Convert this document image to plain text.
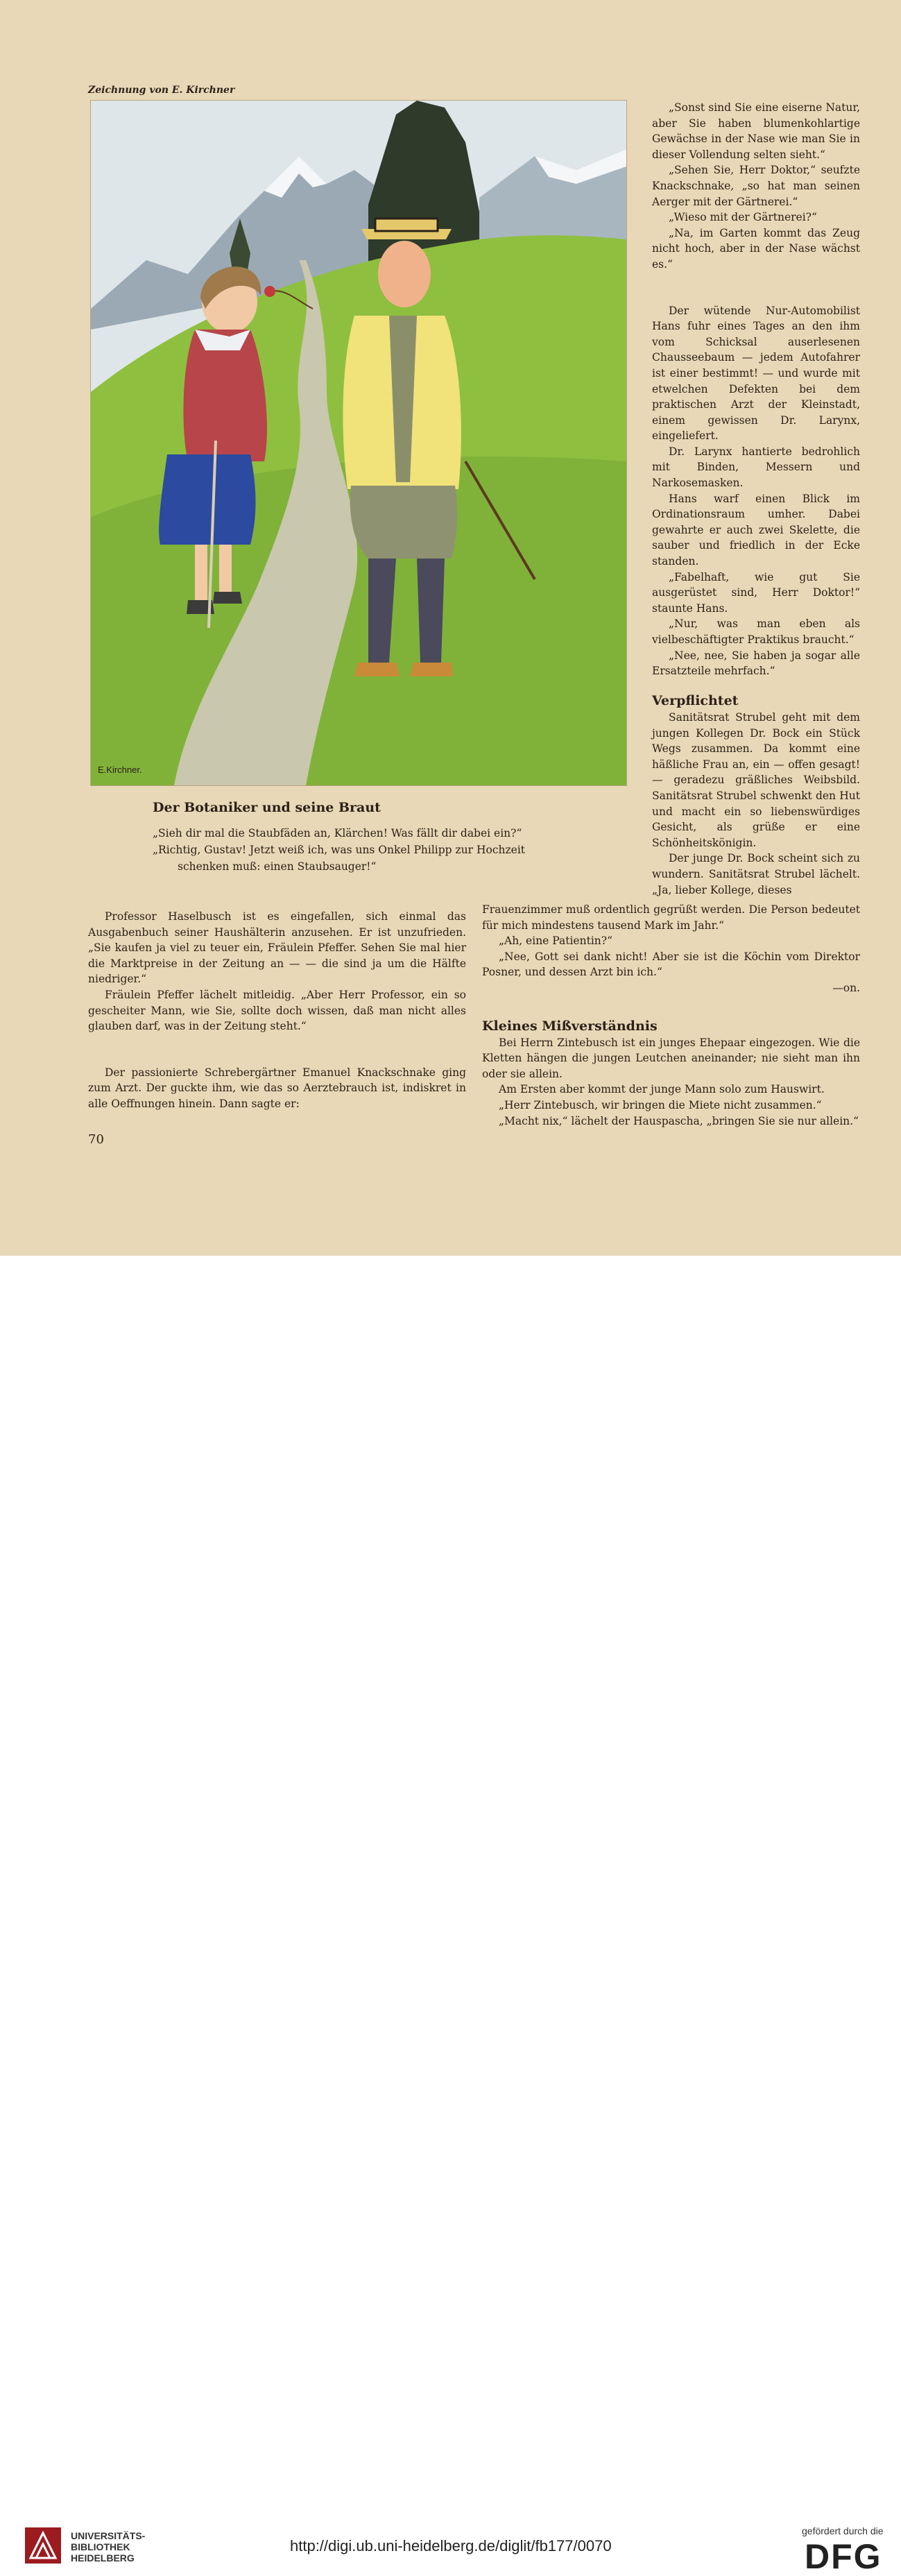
Zeichnung von E. Kirchner
E.Kirchner.

„Sonst sind Sie eine eiserne Natur, aber Sie haben blumenkohlartige Gewächse in der Nase wie man Sie in dieser Vollendung selten sieht.“

„Sehen Sie, Herr Doktor,“ seufzte Knackschnake, „so hat man seinen Aerger mit der Gärtnerei.“

„Wieso mit der Gärtnerei?“

„Na, im Garten kommt das Zeug nicht hoch, aber in der Nase wächst es.“

Der wütende Nur-Automobilist Hans fuhr eines Tages an den ihm vom Schicksal auserlesenen Chausseebaum — jedem Autofahrer ist einer bestimmt! — und wurde mit etwelchen Defekten bei dem praktischen Arzt der Kleinstadt, einem gewissen Dr. Larynx, eingeliefert.

Dr. Larynx hantierte bedrohlich mit Binden, Messern und Narkosemasken.

Hans warf einen Blick im Ordinationsraum umher. Dabei gewahrte er auch zwei Skelette, die sauber und friedlich in der Ecke standen.

„Fabelhaft, wie gut Sie ausgerüstet sind, Herr Doktor!“ staunte Hans.

„Nur, was man eben als vielbeschäftigter Praktikus braucht.“

„Nee, nee, Sie haben ja sogar alle Ersatzteile mehrfach.“

Verpflichtet

Sanitätsrat Strubel geht mit dem jungen Kollegen Dr. Bock ein Stück Wegs zusammen. Da kommt eine häßliche Frau an, ein — offen gesagt! — geradezu gräßliches Weibsbild. Sanitätsrat Strubel schwenkt den Hut und macht ein so liebenswürdiges Gesicht, als grüße er eine Schönheitskönigin.

Der junge Dr. Bock scheint sich zu wundern. Sanitätsrat Strubel lächelt. „Ja, lieber Kollege, dieses

Der Botaniker und seine Braut

„Sieh dir mal die Staubfäden an, Klärchen! Was fällt dir dabei ein?“

„Richtig, Gustav! Jetzt weiß ich, was uns Onkel Philipp zur Hochzeit

schenken muß: einen Staubsauger!“

Professor Haselbusch ist es eingefallen, sich einmal das Ausgabenbuch seiner Haushälterin anzusehen. Er ist unzufrieden. „Sie kaufen ja viel zu teuer ein, Fräulein Pfeffer. Sehen Sie mal hier die Marktpreise in der Zeitung an — — die sind ja um die Hälfte niedriger.“

Fräulein Pfeffer lächelt mitleidig. „Aber Herr Professor, ein so gescheiter Mann, wie Sie, sollte doch wissen, daß man nicht alles glauben darf, was in der Zeitung steht.“

Der passionierte Schrebergärtner Emanuel Knackschnake ging zum Arzt. Der guckte ihm, wie das so Aerztebrauch ist, indiskret in alle Oeffnungen hinein. Dann sagte er:

Frauenzimmer muß ordentlich gegrüßt werden. Die Person bedeutet für mich mindestens tausend Mark im Jahr.“

„Ah, eine Patientin?“

„Nee, Gott sei dank nicht! Aber sie ist die Köchin vom Direktor Posner, und dessen Arzt bin ich.“

—on.

Kleines Mißverständnis

Bei Herrn Zintebusch ist ein junges Ehepaar eingezogen. Wie die Kletten hängen die jungen Leutchen aneinander; nie sieht man ihn oder sie allein.

Am Ersten aber kommt der junge Mann solo zum Hauswirt.

„Herr Zintebusch, wir bringen die Miete nicht zusammen.“

„Macht nix,“ lächelt der Hauspascha, „bringen Sie sie nur allein.“

70
UNIVERSITÄTS-
BIBLIOTHEK
HEIDELBERG
http://digi.ub.uni-heidelberg.de/diglit/fb177/0070
gefördert durch die
DFG
